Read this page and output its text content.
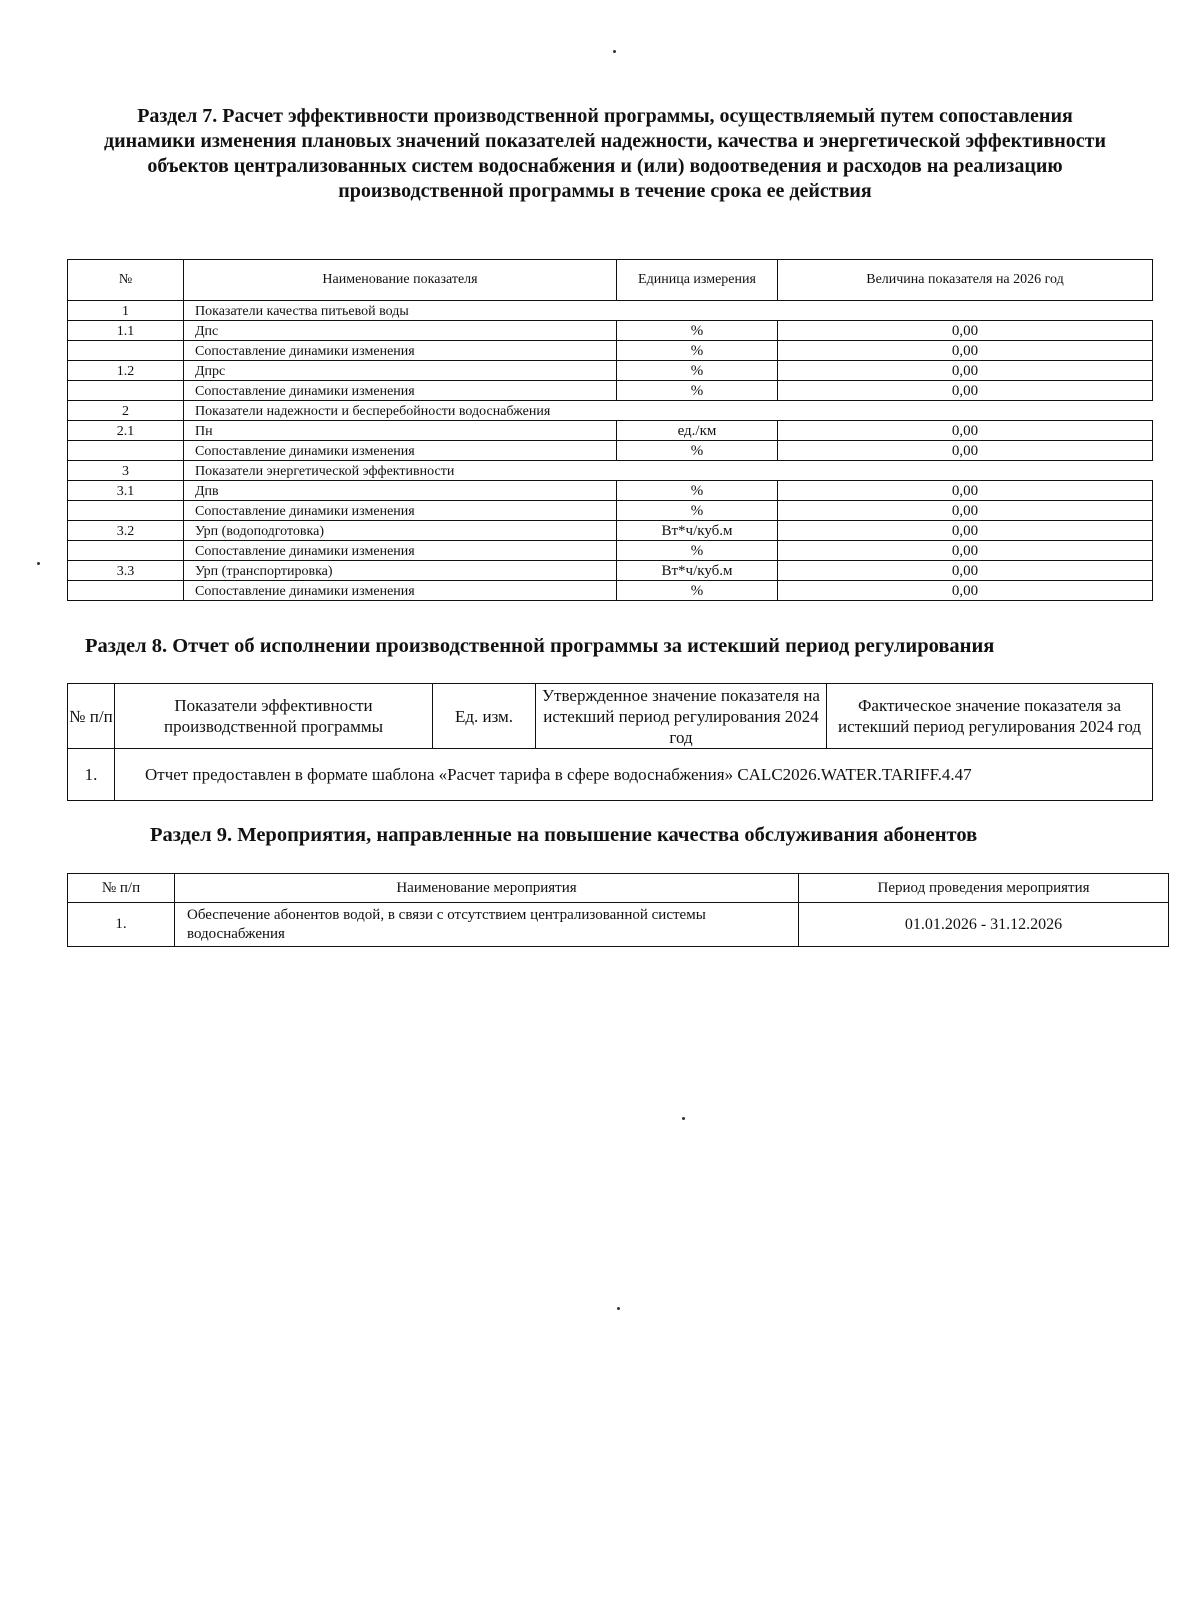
Раздел 7. Расчет эффективности производственной программы, осуществляемый путем сопоставления динамики изменения плановых значений показателей надежности, качества и энергетической эффективности объектов централизованных систем водоснабжения и (или) водоотведения и расходов на реализацию производственной программы в течение срока ее действия
№	Наименование показателя	Единица измерения	Величина показателя на 2026 год
1	Показатели качества питьевой воды		
1.1	Дпс	%	0,00
	Сопоставление динамики изменения	%	0,00
1.2	Дпрс	%	0,00
	Сопоставление динамики изменения	%	0,00
2	Показатели надежности и бесперебойности водоснабжения		
2.1	Пн	ед./км	0,00
	Сопоставление динамики изменения	%	0,00
3	Показатели энергетической эффективности		
3.1	Дпв	%	0,00
	Сопоставление динамики изменения	%	0,00
3.2	Урп (водоподготовка)	Вт*ч/куб.м	0,00
	Сопоставление динамики изменения	%	0,00
3.3	Урп (транспортировка)	Вт*ч/куб.м	0,00
	Сопоставление динамики изменения	%	0,00
Раздел 8. Отчет об исполнении производственной программы за истекший период регулирования
№ п/п	Показатели эффективности производственной программы	Ед. изм.	Утвержденное значение показателя на истекший период регулирования 2024 год	Фактическое значение показателя за истекший период регулирования 2024 год
1.	Отчет предоставлен в формате шаблона «Расчет тарифа в сфере водоснабжения» CALC2026.WATER.TARIFF.4.47			
Раздел 9. Мероприятия, направленные на повышение качества обслуживания абонентов
№ п/п	Наименование мероприятия	Период проведения мероприятия
1.	Обеспечение абонентов водой, в связи с отсутствием централизованной системы водоснабжения	01.01.2026 - 31.12.2026
